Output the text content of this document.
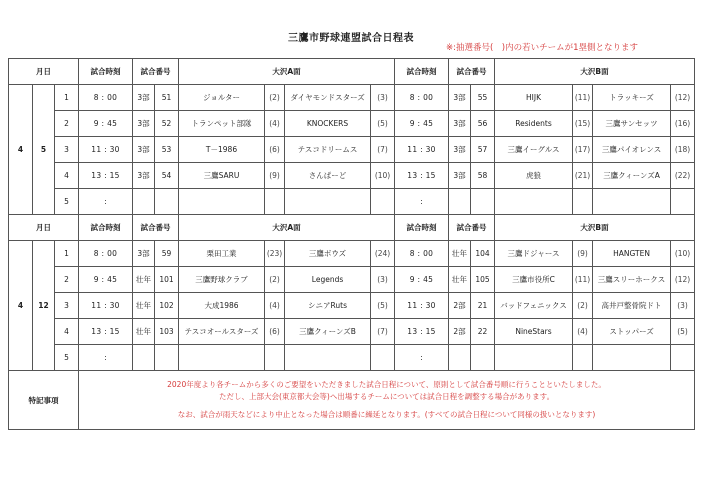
三鷹市野球連盟試合日程表
※:抽選番号(　)内の若いチームが1塁側となります
月日			試合時刻	試合番号		大沢A面				試合時刻	試合番号		大沢B面			
4	5	1	8 : 00	3部	51	ジョルター	(2)	ダイヤモンドスターズ	(3)	8 : 00	3部	55	HIJK	(11)	トラッキーズ	(12)
		2	9 : 45	3部	52	トランペット部隊	(4)	KNOCKERS	(5)	9 : 45	3部	56	Residents	(15)	三鷹サンセッツ	(16)
		3	11 : 30	3部	53	T－1986	(6)	テスコドリームス	(7)	11 : 30	3部	57	三鷹イーグルス	(17)	三鷹パイオレンス	(18)
		4	13 : 15	3部	54	三鷹SARU	(9)	さんぱーど	(10)	13 : 15	3部	58	虎狼	(21)	三鷹クィーンズA	(22)
		5	:							:						
月日			試合時刻	試合番号		大沢A面				試合時刻	試合番号		大沢B面			
4	12	1	8 : 00	3部	59	栗田工業	(23)	三鷹ボウズ	(24)	8 : 00	壮年	104	三鷹ドジャース	(9)	HANGTEN	(10)
		2	9 : 45	壮年	101	三鷹野球クラブ	(2)	Legends	(3)	9 : 45	壮年	105	三鷹市役所C	(11)	三鷹スリーホークス	(12)
		3	11 : 30	壮年	102	大成1986	(4)	シニアRuts	(5)	11 : 30	2部	21	バッドフェニックス	(2)	高井戸整骨院ドト	(3)
		4	13 : 15	壮年	103	テスコオールスターズ	(6)	三鷹クィーンズB	(7)	13 : 15	2部	22	NineStars	(4)	ストッパーズ	(5)
		5	:							:						
特記事項			2020年度より各チームから多くのご要望をいただきました試合日程について、原則として試合番号順に行うことといたしました。
ただし、上部大会(東京都大会等)へ出場するチームについては試合日程を調整する場合があります。
なお、試合が雨天などにより中止となった場合は順番に繰延となります。(すべての試合日程について同様の扱いとなります)													
